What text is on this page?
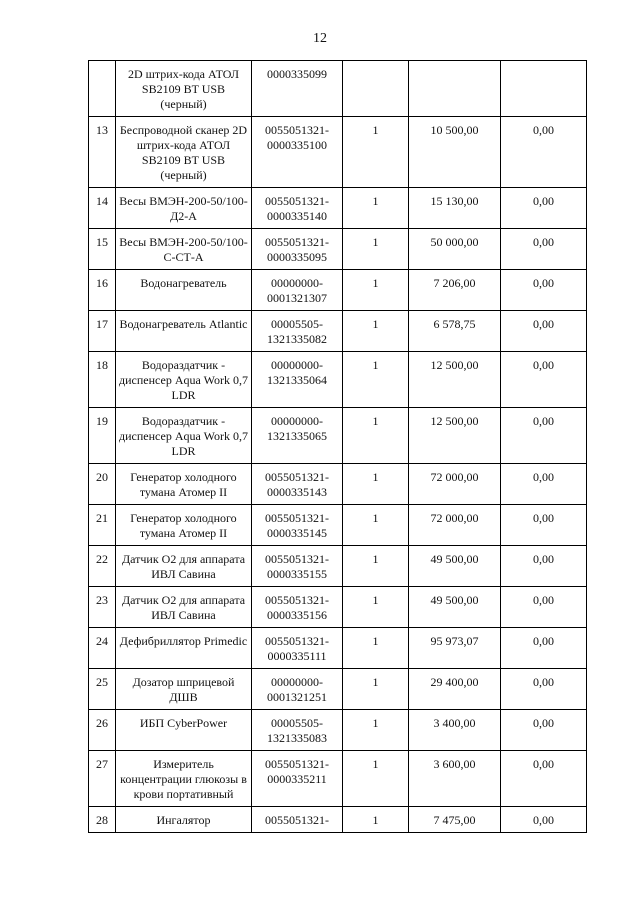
12
	2D штрих-кода АТОЛ SB2109 BT USB (черный)	0000335099			
13	Беспроводной сканер 2D штрих-кода АТОЛ SB2109 BT USB (черный)	0055051321-0000335100	1	10 500,00	0,00
14	Весы ВМЭН-200-50/100-Д2-А	0055051321-0000335140	1	15 130,00	0,00
15	Весы ВМЭН-200-50/100-С-СТ-А	0055051321-0000335095	1	50 000,00	0,00
16	Водонагреватель	00000000-0001321307	1	7 206,00	0,00
17	Водонагреватель Atlantic	00005505-1321335082	1	6 578,75	0,00
18	Водораздатчик - диспенсер Aqua Work 0,7 LDR	00000000-1321335064	1	12 500,00	0,00
19	Водораздатчик - диспенсер Aqua Work 0,7 LDR	00000000-1321335065	1	12 500,00	0,00
20	Генератор холодного тумана Атомер II	0055051321-0000335143	1	72 000,00	0,00
21	Генератор холодного тумана Атомер II	0055051321-0000335145	1	72 000,00	0,00
22	Датчик О2 для аппарата ИВЛ Савина	0055051321-0000335155	1	49 500,00	0,00
23	Датчик О2 для аппарата ИВЛ Савина	0055051321-0000335156	1	49 500,00	0,00
24	Дефибриллятор Primedic	0055051321-0000335111	1	95 973,07	0,00
25	Дозатор шприцевой ДШВ	00000000-0001321251	1	29 400,00	0,00
26	ИБП CyberPower	00005505-1321335083	1	3 400,00	0,00
27	Измеритель концентрации глюкозы в крови портативный	0055051321-0000335211	1	3 600,00	0,00
28	Ингалятор	0055051321-	1	7 475,00	0,00
